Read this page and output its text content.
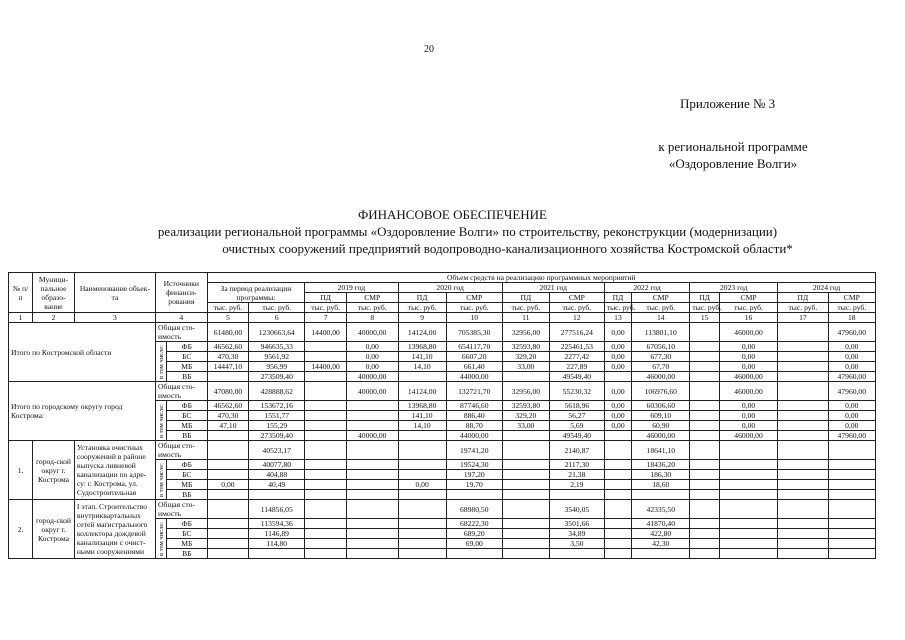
20
Приложение № 3
к региональной программе
«Оздоровление Волги»
ФИНАНСОВОЕ ОБЕСПЕЧЕНИЕ
реализации региональной программы «Оздоровление Волги» по строительству, реконструкции (модернизации)
очистных сооружений предприятий водопроводно-канализационного хозяйства Костромской области*
№ п/п	Муници-пальное образо-вание	Наименование объек-та	Источники финанси-рования		Объем средств на реализацию программных мероприятий													
					За период реализации программы:		2019 год		2020 год		2021 год		2022 год		2023 год		2024 год	
							ПД	СМР	ПД	СМР	ПД	СМР	ПД	СМР	ПД	СМР	ПД	СМР
					тыс. руб.	тыс. руб.	тыс. руб.	тыс. руб.	тыс. руб.	тыс. руб.	тыс. руб.	тыс. руб.	тыс. руб.	тыс. руб.	тыс. руб.	тыс. руб.	тыс. руб.	тыс. руб.
1	2	3	4		5	6	7	8	9	10	11	12	13	14	15	16	17	18
Итого по Костромской области			Общая сто-имость		61480,00	1230663,64	14400,00	40000,00	14124,00	705385,30	32956,00	277516,24	0,00	113801,10		46000,00		47960,00
			в том числе:	ФБ	46562,60	946635,33		0,00	13968,80	654117,70	32593,80	225461,53	0,00	67056,10		0,00		0,00
				БС	470,30	9561,92		0,00	141,10	6607,20	329,20	2277,42	0,00	677,30		0,00		0,00
				МБ	14447,10	956,99	14400,00	0,00	14,10	661,40	33,00	227,89	0,00	67,70		0,00		0,00
				ВБ		273509,40		40000,00		44000,00		49549,40		46000,00		46000,00		47960,00
Итого по городскому округу город Кострома:			Общая сто-имость		47080,00	428888,62		40000,00	14124,00	132721,70	32956,00	55230,32	0,00	106976,60		46000,00		47960,00
			в том числе:	ФБ	46562,60	153672,16			13968,80	87746,60	32593,80	5618,96	0,00	60306,60		0,00		0,00
				БС	470,30	1551,77			141,10	886,40	329,20	56,27	0,00	609,10		0,00		0,00
				МБ	47,10	155,29			14,10	88,70	33,00	5,69	0,00	60,90		0,00		0,00
				ВБ		273509,40		40000,00		44000,00		49549,40		46000,00		46000,00		47960,00
1.	город-ской округ г. Кострома	Установка очистных сооружений в районе выпуска ливневой канализации по адре-су: г. Кострома, ул. Судостроительная	Общая сто-имость			40523,17				19741,20		2140,87		18641,10				
			в том числе:	ФБ		40077,80				19524,30		2117,30		18436,20				
				БС		404,88				197,20		21,38		186,30				
				МБ	0,00	40,49			0,00	19,70		2,19		18,60				
				ВБ														
2.	город-ской округ г. Кострома	I этап. Строительство внутриквартальных сетей магистрального коллектора дождевой канализации с очист-ными сооружениями	Общая сто-имость			114856,05				68980,50		3540,05		42335,50				
			в том числе:	ФБ		113594,36				68222,30		3501,66		41870,40				
				БС		1146,89				689,20		34,89		422,80				
				МБ		114,80				69,00		3,50		42,30				
				ВБ														
